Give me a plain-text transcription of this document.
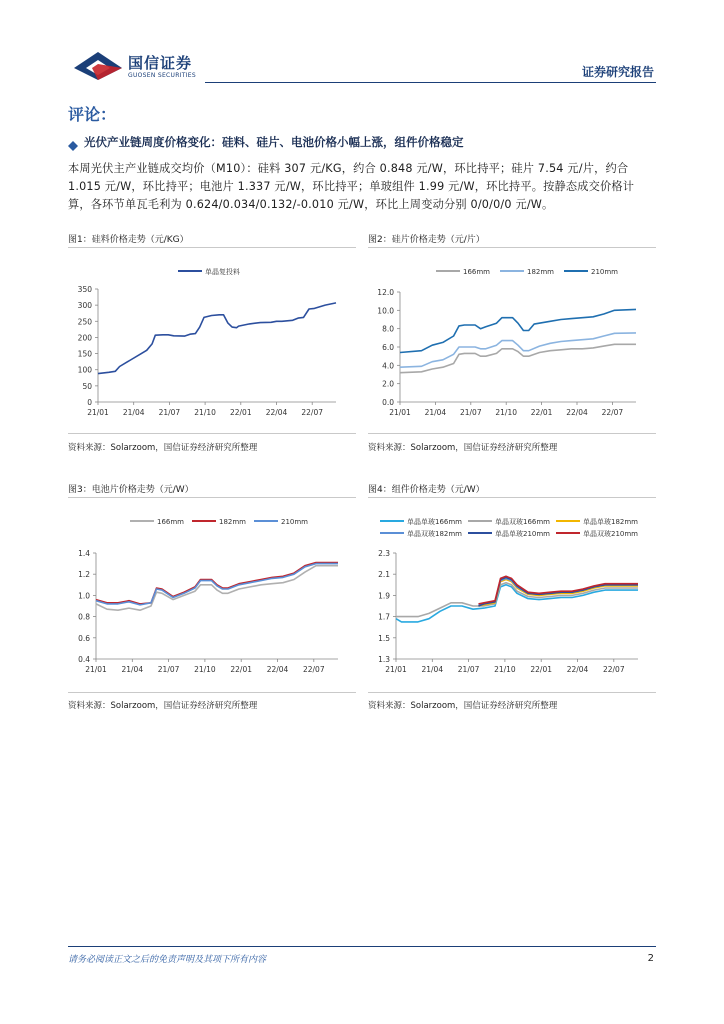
国信证券
GUOSEN SECURITIES	证券研究报告
评论：
光伏产业链周度价格变化：硅料、硅片、电池价格小幅上涨，组件价格稳定
本周光伏主产业链成交均价（M10）：硅料 307 元/KG，约合 0.848 元/W，环比持平；硅片 7.54 元/片，约合 1.015 元/W，环比持平；电池片 1.337 元/W，环比持平；单玻组件 1.99 元/W，环比持平。按静态成交价格计算，各环节单瓦毛利为 0.624/0.034/0.132/-0.010 元/W，环比上周变动分别 0/0/0/0 元/W。
图1：硅料价格走势（元/KG）
0
50
100
150
200
250
300
350
21/01 21/04 21/07 21/10 22/01 22/04 22/07
单晶复投料
资料来源：Solarzoom，国信证券经济研究所整理
图2：硅片价格走势（元/片）
0.0
2.0
4.0
6.0
8.0
10.0
12.0
21/01 21/04 21/07 21/10 22/01 22/04 22/07
166mm	182mm	210mm
资料来源：Solarzoom，国信证券经济研究所整理
图3：电池片价格走势（元/W）
0.4
0.6
0.8
1.0
1.2
1.4
21/01 21/04 21/07 21/10 22/01 22/04 22/07
166mm	182mm	210mm
资料来源：Solarzoom，国信证券经济研究所整理
图4：组件价格走势（元/W）
1.3
1.5
1.7
1.9
2.1
2.3
21/01 21/04 21/07 21/10 22/01 22/04 22/07
单晶单玻166mm	单晶双玻166mm	单晶单玻182mm
单晶双玻182mm	单晶单玻210mm	单晶双玻210mm
资料来源：Solarzoom，国信证券经济研究所整理
请务必阅读正文之后的免责声明及其项下所有内容	2
